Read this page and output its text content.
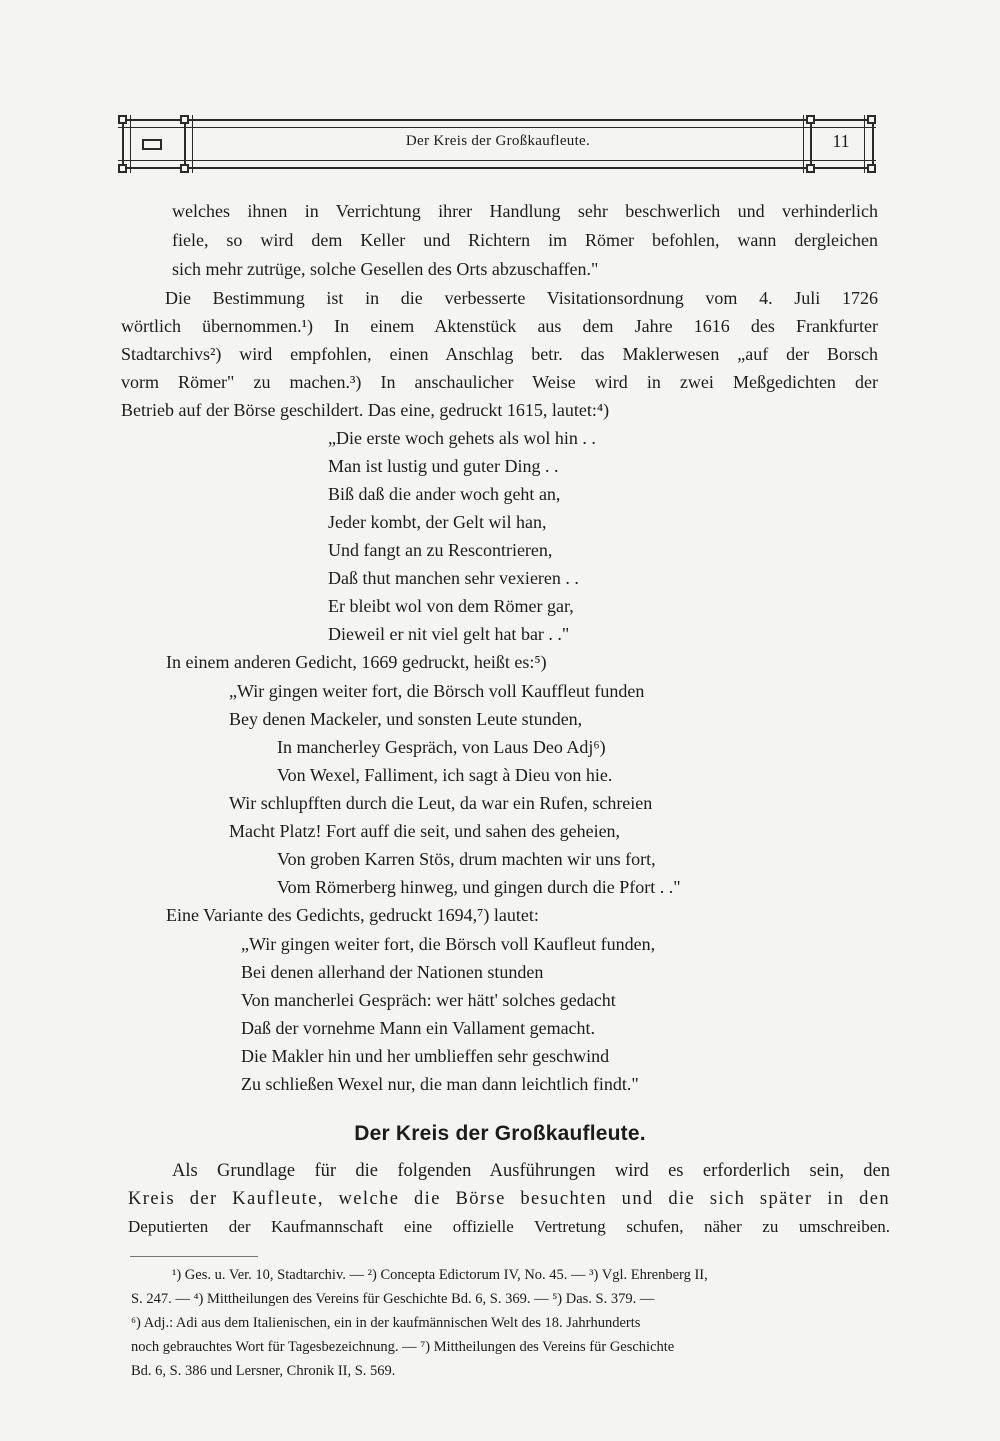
Der Kreis der Großkaufleute.	11
welches ihnen in Verrichtung ihrer Handlung sehr beschwerlich und verhinderlich
fiele, so wird dem Keller und Richtern im Römer befohlen, wann dergleichen
sich mehr zutrüge, solche Gesellen des Orts abzuschaffen."
Die Bestimmung ist in die verbesserte Visitationsordnung vom 4. Juli 1726
wörtlich übernommen.¹) In einem Aktenstück aus dem Jahre 1616 des Frankfurter
Stadtarchivs²) wird empfohlen, einen Anschlag betr. das Maklerwesen „auf der Borsch
vorm Römer" zu machen.³) In anschaulicher Weise wird in zwei Meßgedichten der
Betrieb auf der Börse geschildert. Das eine, gedruckt 1615, lautet:⁴)
„Die erste woch gehets als wol hin . .
Man ist lustig und guter Ding . .
Biß daß die ander woch geht an,
Jeder kombt, der Gelt wil han,
Und fangt an zu Rescontrieren,
Daß thut manchen sehr vexieren . .
Er bleibt wol von dem Römer gar,
Dieweil er nit viel gelt hat bar . ."
In einem anderen Gedicht, 1669 gedruckt, heißt es:⁵)
„Wir gingen weiter fort, die Börsch voll Kauffleut funden
Bey denen Mackeler, und sonsten Leute stunden,
In mancherley Gespräch, von Laus Deo Adj⁶)
Von Wexel, Falliment, ich sagt à Dieu von hie.
Wir schlupfften durch die Leut, da war ein Rufen, schreien
Macht Platz! Fort auff die seit, und sahen des geheien,
Von groben Karren Stös, drum machten wir uns fort,
Vom Römerberg hinweg, und gingen durch die Pfort . ."
Eine Variante des Gedichts, gedruckt 1694,⁷) lautet:
„Wir gingen weiter fort, die Börsch voll Kaufleut funden,
Bei denen allerhand der Nationen stunden
Von mancherlei Gespräch: wer hätt' solches gedacht
Daß der vornehme Mann ein Vallament gemacht.
Die Makler hin und her umblieffen sehr geschwind
Zu schließen Wexel nur, die man dann leichtlich findt."
Der Kreis der Großkaufleute.
Als Grundlage für die folgenden Ausführungen wird es erforderlich sein, den
Kreis der Kaufleute, welche die Börse besuchten und die sich später in den
Deputierten der Kaufmannschaft eine offizielle Vertretung schufen, näher zu umschreiben.
¹) Ges. u. Ver. 10, Stadtarchiv. — ²) Concepta Edictorum IV, No. 45. — ³) Vgl. Ehrenberg II,
S. 247. — ⁴) Mittheilungen des Vereins für Geschichte Bd. 6, S. 369. — ⁵) Das. S. 379. —
⁶) Adj.: Adi aus dem Italienischen, ein in der kaufmännischen Welt des 18. Jahrhunderts
noch gebrauchtes Wort für Tagesbezeichnung. — ⁷) Mittheilungen des Vereins für Geschichte
Bd. 6, S. 386 und Lersner, Chronik II, S. 569.
